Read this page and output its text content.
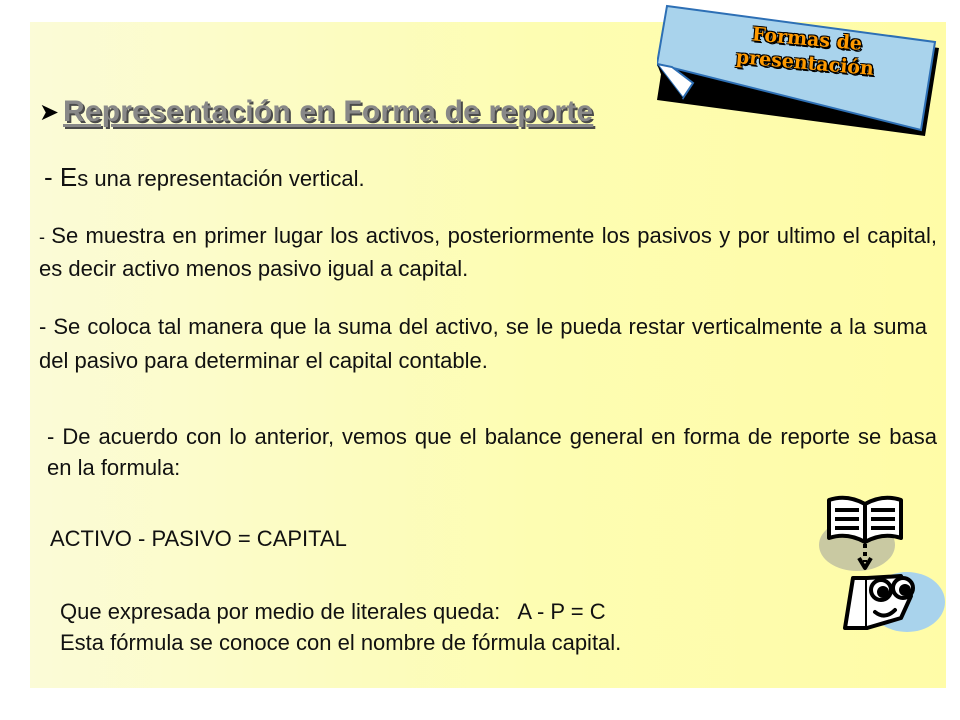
Formas de
presentación
➤ Representación en Forma de reporte
- Es una representación vertical.
- Se muestra en primer lugar los activos, posteriormente los pasivos y por ultimo el capital, es decir activo menos pasivo igual a capital.
- Se coloca tal manera que la suma del activo, se le pueda restar verticalmente a la suma del pasivo para determinar el capital contable.
- De acuerdo con lo anterior, vemos que el balance general en forma de reporte se basa en la formula:
ACTIVO - PASIVO = CAPITAL
Que expresada por medio de literales queda: A - P = C
Esta fórmula se conoce con el nombre de fórmula capital.
